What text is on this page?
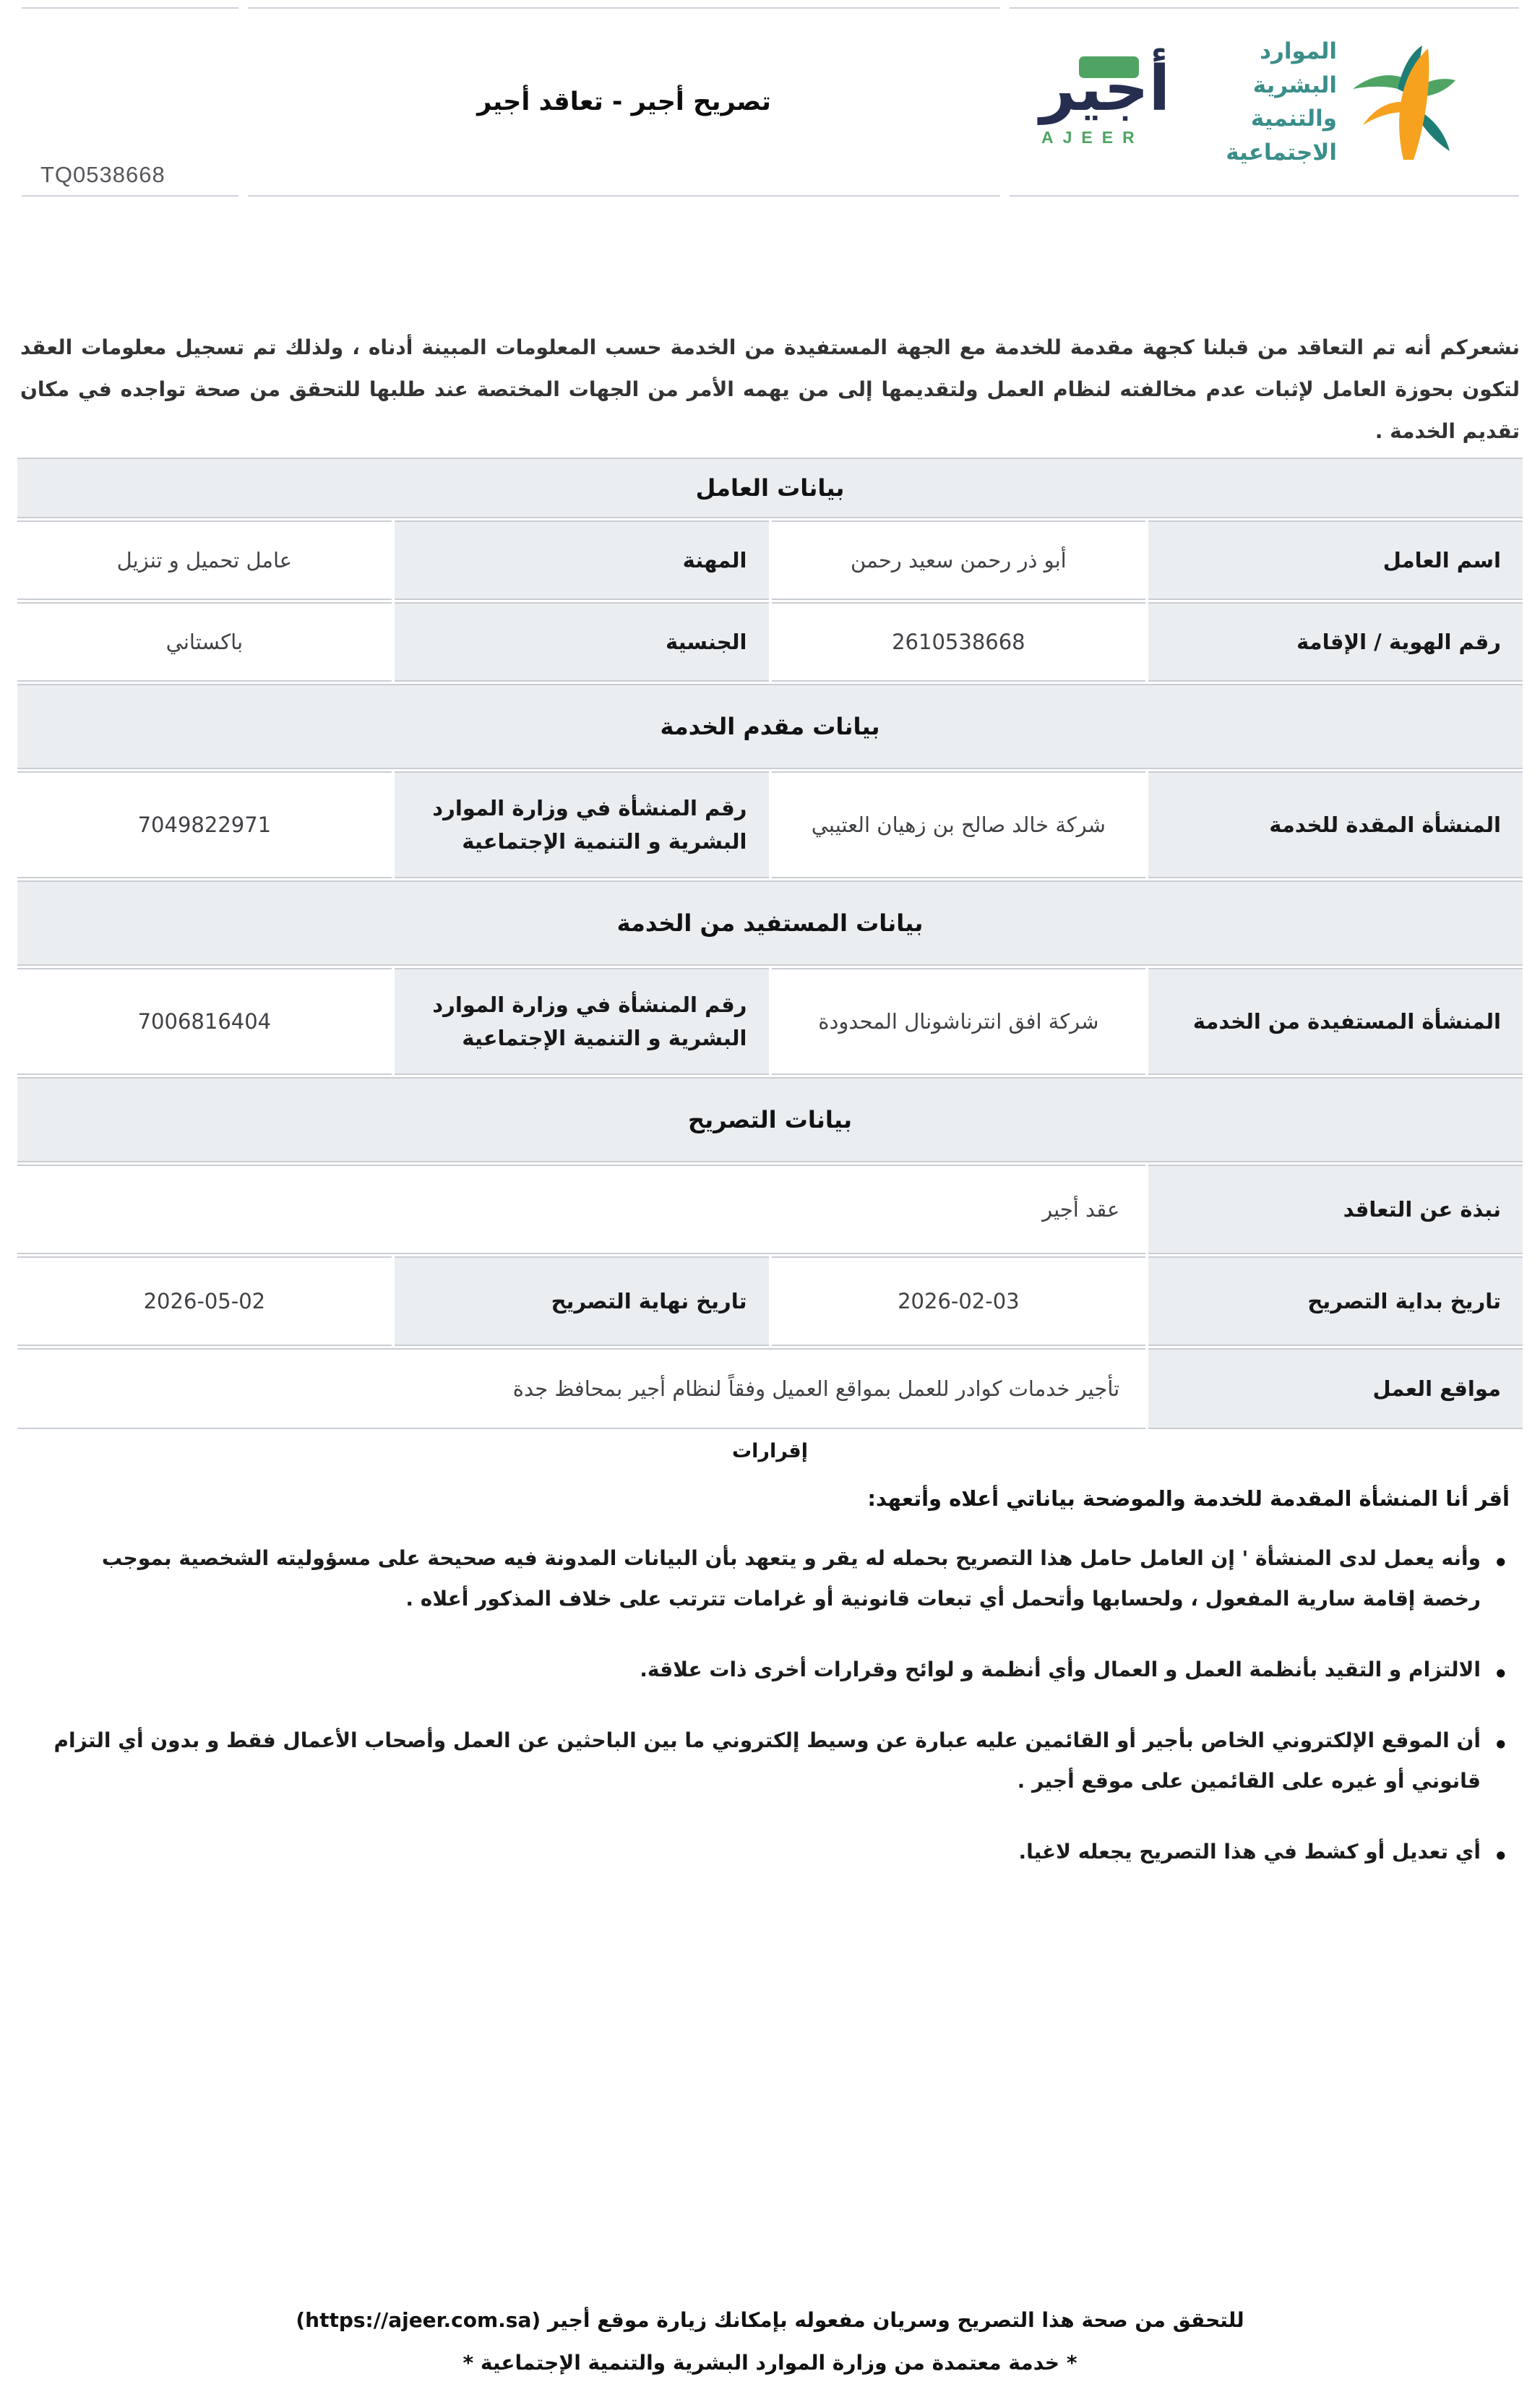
TQ0538668
تصريح أجير - تعاقد أجير	أجير
AJEER
الموارد البشرية
والتنمية الاجتماعية

نشعركم أنه تم التعاقد من قبلنا كجهة مقدمة للخدمة مع الجهة المستفيدة من الخدمة حسب المعلومات المبينة أدناه ، ولذلك تم تسجيل معلومات العقد لتكون بحوزة العامل لإثبات عدم مخالفته لنظام العمل ولتقديمها إلى من يهمه الأمر من الجهات المختصة عند طلبها للتحقق من صحة تواجده في مكان تقديم الخدمة .

بيانات العامل			
اسم العامل	أبو ذر رحمن سعيد رحمن	المهنة	عامل تحميل و تنزيل
رقم الهوية / الإقامة	2610538668	الجنسية	باكستاني
بيانات مقدم الخدمة			
المنشأة المقدة للخدمة	شركة خالد صالح بن زهيان العتيبي	رقم المنشأة في وزارة الموارد البشرية و التنمية الإجتماعية	7049822971
بيانات المستفيد من الخدمة			
المنشأة المستفيدة من الخدمة	شركة افق انترناشونال المحدودة	رقم المنشأة في وزارة الموارد البشرية و التنمية الإجتماعية	7006816404
بيانات التصريح			
نبذة عن التعاقد	عقد أجير		
تاريخ بداية التصريح	2026-02-03	تاريخ نهاية التصريح	2026-05-02
مواقع العمل	تأجير خدمات كوادر للعمل بمواقع العميل وفقاً لنظام أجير بمحافظ جدة		
إقرارات
أقر أنا المنشأة المقدمة للخدمة والموضحة بياناتي أعلاه وأتعهد:
• وأنه يعمل لدى المنشأة ' إن العامل حامل هذا التصريح بحمله له يقر و يتعهد بأن البيانات المدونة فيه صحيحة على مسؤوليته الشخصية بموجب رخصة إقامة سارية المفعول ، ولحسابها وأتحمل أي تبعات قانونية أو غرامات تترتب على خلاف المذكور أعلاه .
• الالتزام و التقيد بأنظمة العمل و العمال وأي أنظمة و لوائح وقرارات أخرى ذات علاقة.
• أن الموقع الإلكتروني الخاص بأجير أو القائمين عليه عبارة عن وسيط إلكتروني ما بين الباحثين عن العمل وأصحاب الأعمال فقط و بدون أي التزام قانوني أو غيره على القائمين على موقع أجير .
• أي تعديل أو كشط في هذا التصريح يجعله لاغيا.
للتحقق من صحة هذا التصريح وسريان مفعوله بإمكانك زيارة موقع أجير (https://ajeer.com.sa)
* خدمة معتمدة من وزارة الموارد البشرية والتنمية الإجتماعية *
